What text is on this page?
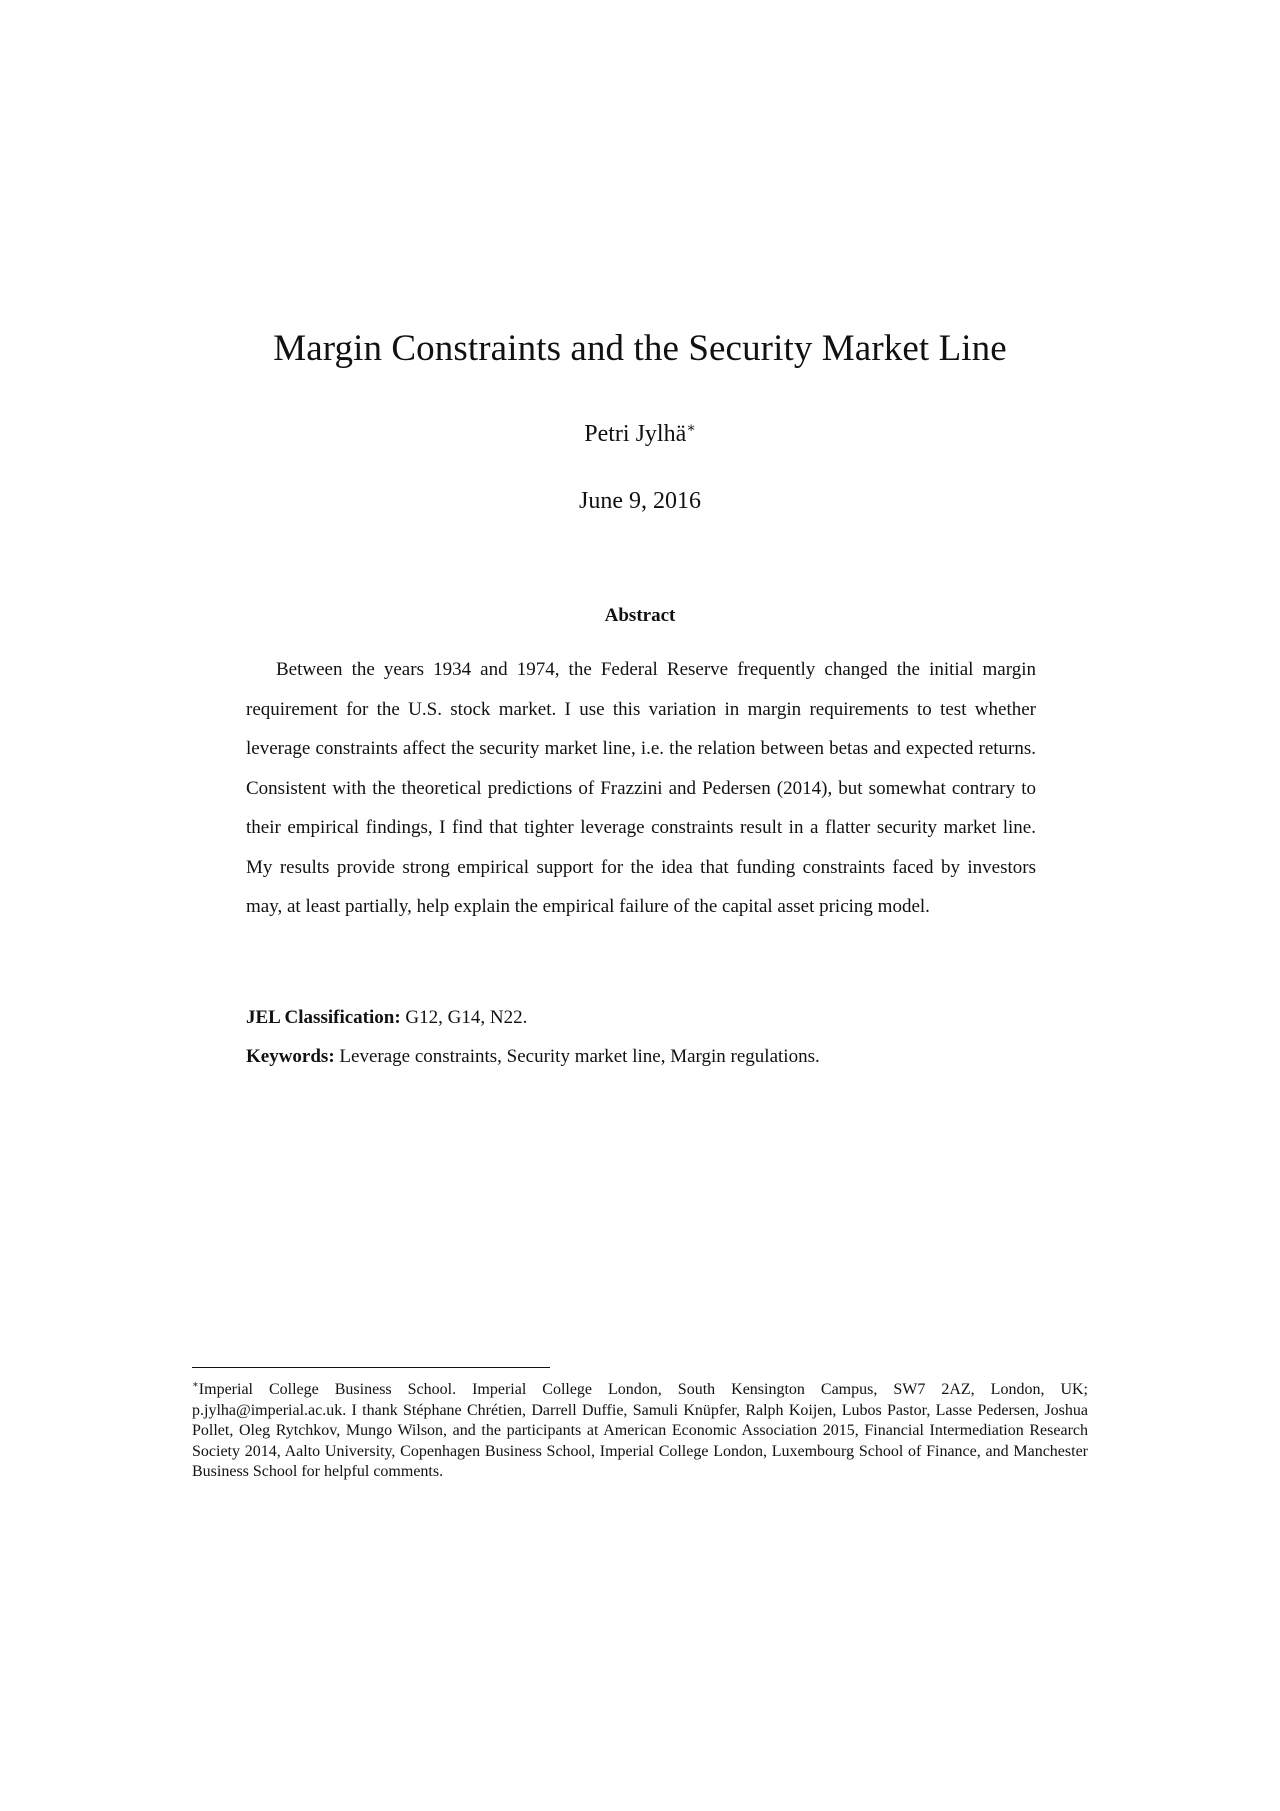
Margin Constraints and the Security Market Line
Petri Jylhä∗
June 9, 2016
Abstract

Between the years 1934 and 1974, the Federal Reserve frequently changed the initial margin requirement for the U.S. stock market. I use this variation in margin requirements to test whether leverage constraints affect the security market line, i.e. the relation between betas and expected returns. Consistent with the theoretical predictions of Frazzini and Pedersen (2014), but somewhat contrary to their empirical findings, I find that tighter leverage constraints result in a flatter security market line. My results provide strong empirical support for the idea that funding constraints faced by investors may, at least partially, help explain the empirical failure of the capital asset pricing model.

JEL Classification: G12, G14, N22.
Keywords: Leverage constraints, Security market line, Margin regulations.

∗Imperial College Business School. Imperial College London, South Kensington Campus, SW7 2AZ, London, UK; p.jylha@imperial.ac.uk. I thank Stéphane Chrétien, Darrell Duffie, Samuli Knüpfer, Ralph Koijen, Lubos Pastor, Lasse Pedersen, Joshua Pollet, Oleg Rytchkov, Mungo Wilson, and the participants at American Economic Association 2015, Financial Intermediation Research Society 2014, Aalto University, Copenhagen Business School, Imperial College London, Luxembourg School of Finance, and Manchester Business School for helpful comments.
